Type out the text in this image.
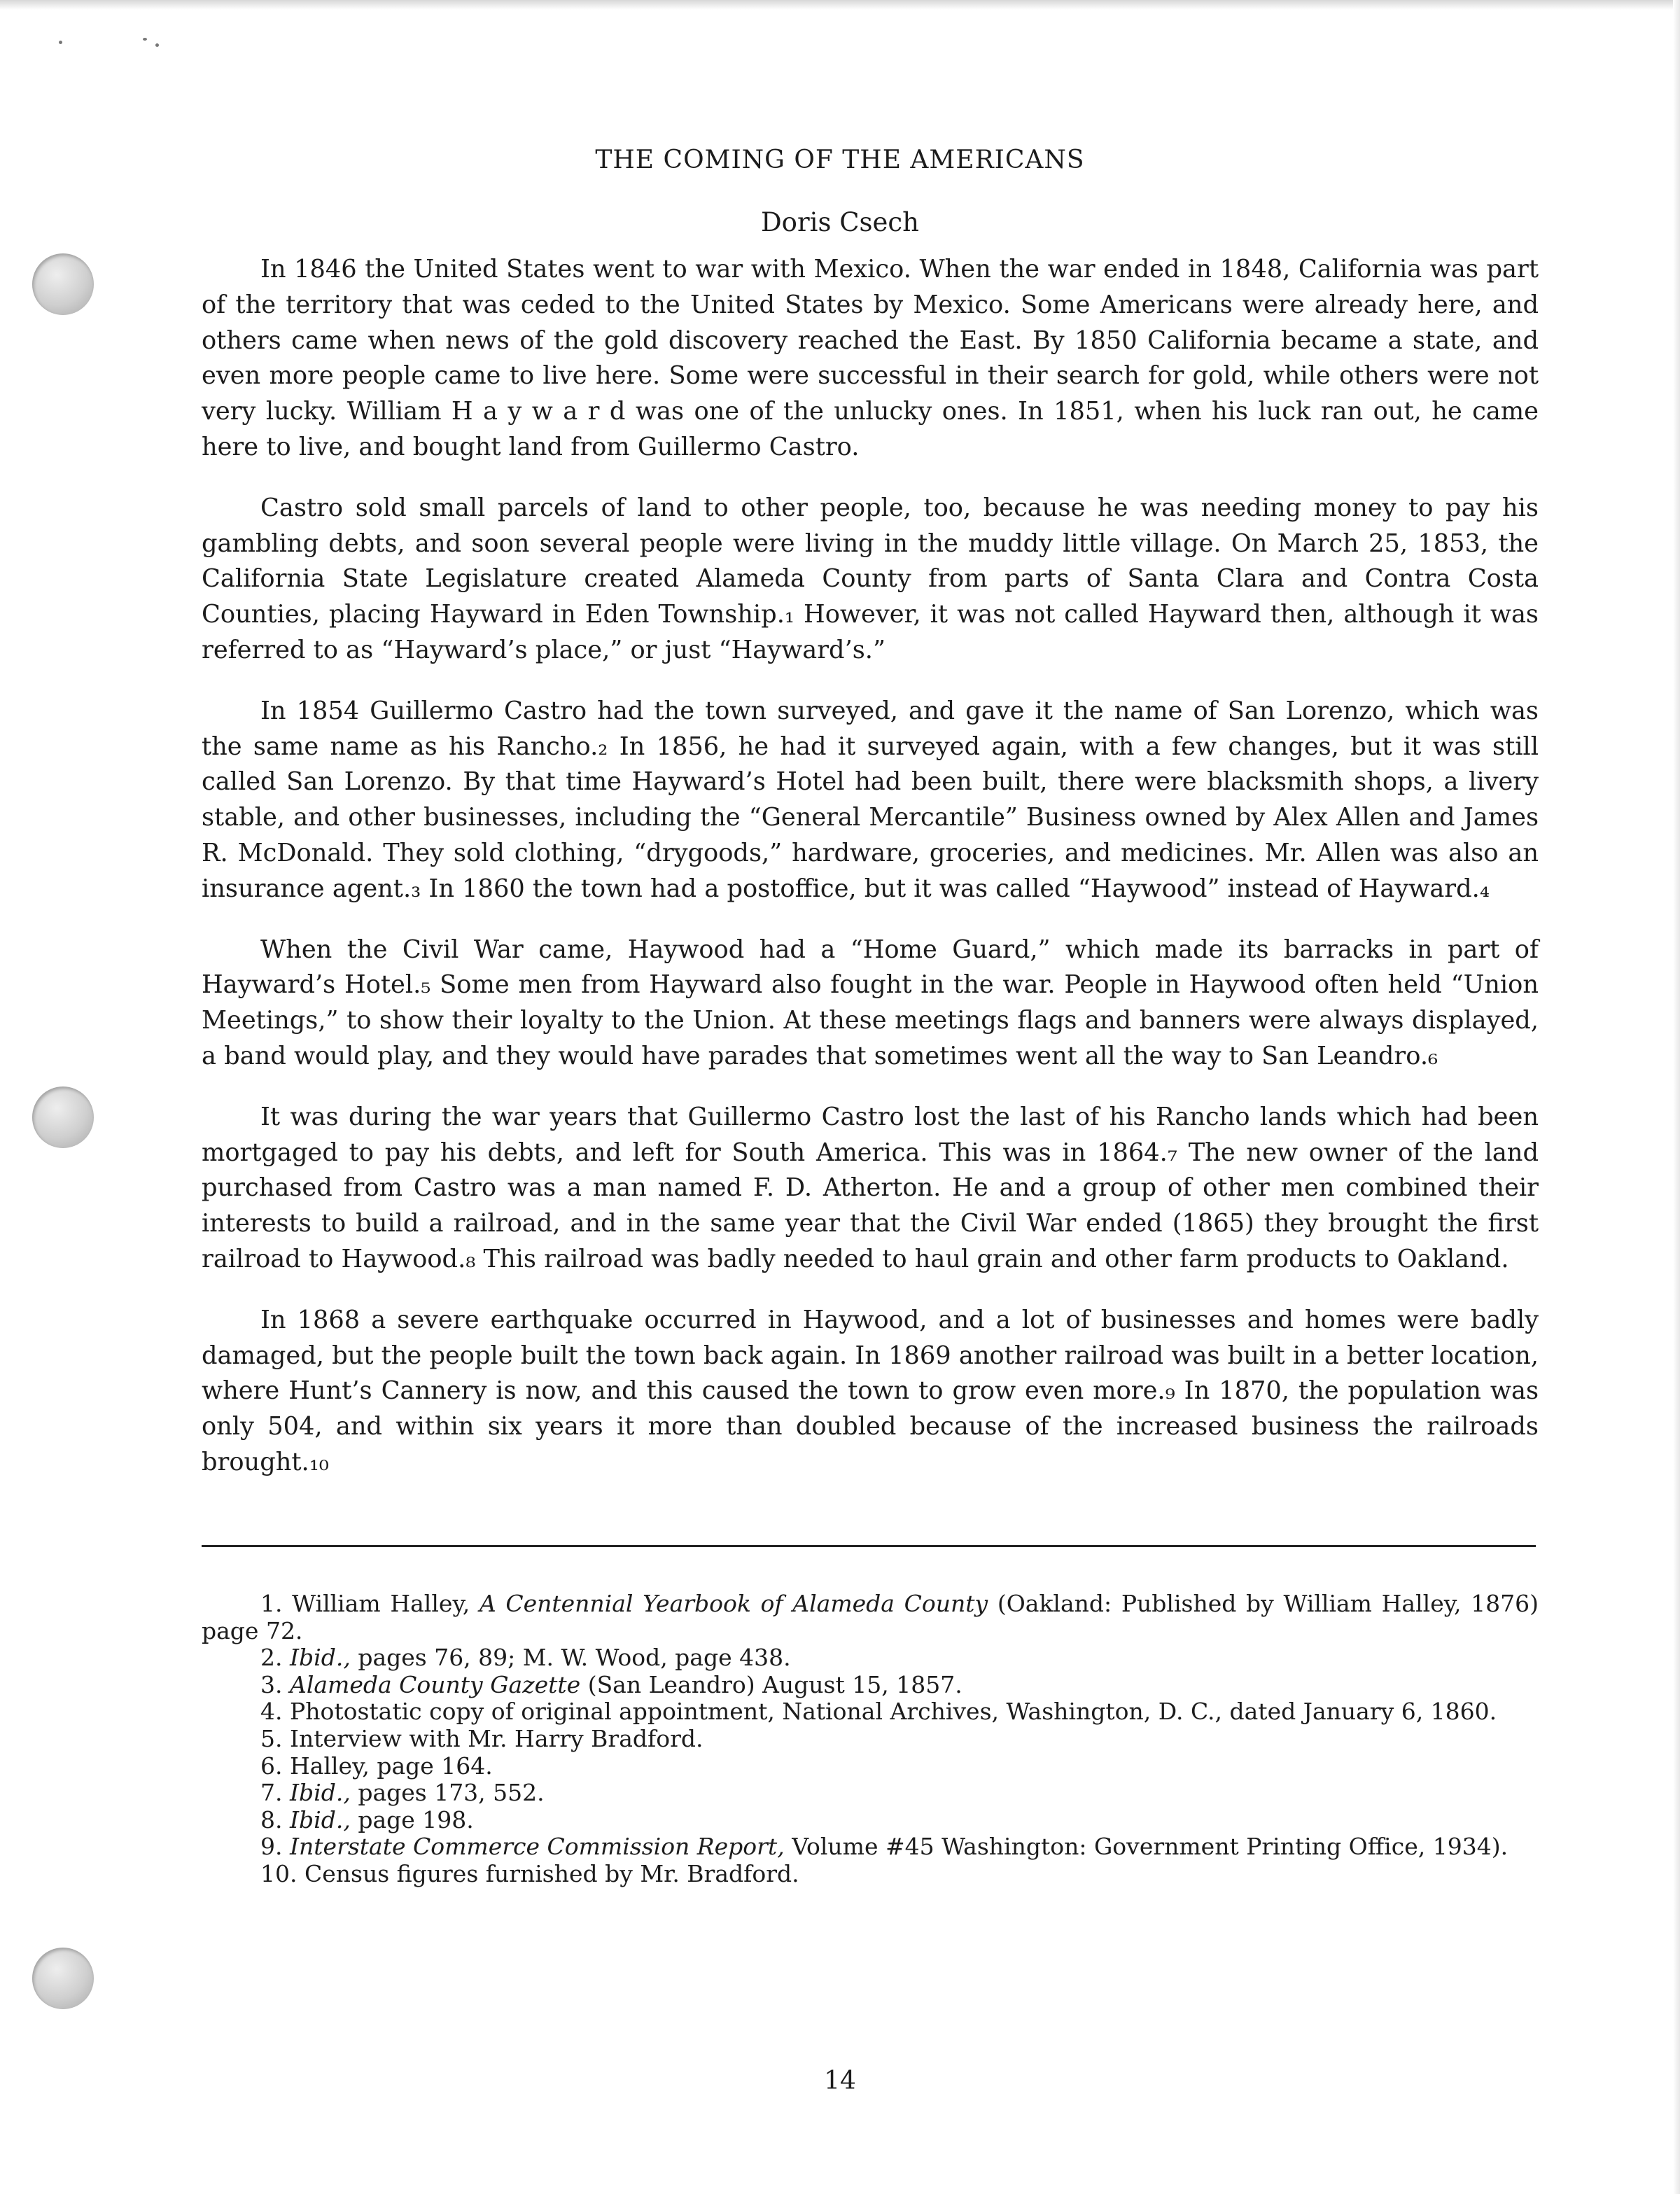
THE COMING OF THE AMERICANS
Doris Csech

In 1846 the United States went to war with Mexico. When the war ended in 1848, California was part of the territory that was ceded to the United States by Mexico. Some Americans were already here, and others came when news of the gold discovery reached the East. By 1850 California became a state, and even more people came to live here. Some were successful in their search for gold, while others were not very lucky. William H a y w a r d was one of the unlucky ones. In 1851, when his luck ran out, he came here to live, and bought land from Guillermo Castro.

Castro sold small parcels of land to other people, too, because he was needing money to pay his gambling debts, and soon several people were living in the muddy little village. On March 25, 1853, the California State Legislature created Alameda County from parts of Santa Clara and Contra Costa Counties, placing Hayward in Eden Township.₁ However, it was not called Hayward then, although it was referred to as “Hayward’s place,” or just “Hayward’s.”

In 1854 Guillermo Castro had the town surveyed, and gave it the name of San Lorenzo, which was the same name as his Rancho.₂ In 1856, he had it surveyed again, with a few changes, but it was still called San Lorenzo. By that time Hayward’s Hotel had been built, there were blacksmith shops, a livery stable, and other businesses, including the “General Mercantile” Business owned by Alex Allen and James R. McDonald. They sold clothing, “drygoods,” hardware, groceries, and medicines. Mr. Allen was also an insurance agent.₃ In 1860 the town had a postoffice, but it was called “Haywood” instead of Hayward.₄

When the Civil War came, Haywood had a “Home Guard,” which made its barracks in part of Hayward’s Hotel.₅ Some men from Hayward also fought in the war. People in Haywood often held “Union Meetings,” to show their loyalty to the Union. At these meetings flags and banners were always displayed, a band would play, and they would have parades that sometimes went all the way to San Leandro.₆

It was during the war years that Guillermo Castro lost the last of his Rancho lands which had been mortgaged to pay his debts, and left for South America. This was in 1864.₇ The new owner of the land purchased from Castro was a man named F. D. Atherton. He and a group of other men combined their interests to build a railroad, and in the same year that the Civil War ended (1865) they brought the first railroad to Haywood.₈ This railroad was badly needed to haul grain and other farm products to Oakland.

In 1868 a severe earthquake occurred in Haywood, and a lot of businesses and homes were badly damaged, but the people built the town back again. In 1869 another railroad was built in a better location, where Hunt’s Cannery is now, and this caused the town to grow even more.₉ In 1870, the population was only 504, and within six years it more than doubled because of the increased business the railroads brought.₁₀

1. William Halley, A Centennial Yearbook of Alameda County (Oakland: Published by William Halley, 1876) page 72.

2. Ibid., pages 76, 89; M. W. Wood, page 438.

3. Alameda County Gazette (San Leandro) August 15, 1857.

4. Photostatic copy of original appointment, National Archives, Washington, D. C., dated January 6, 1860.

5. Interview with Mr. Harry Bradford.

6. Halley, page 164.

7. Ibid., pages 173, 552.

8. Ibid., page 198.

9. Interstate Commerce Commission Report, Volume #45 Washington: Government Printing Office, 1934).

10. Census figures furnished by Mr. Bradford.

14
